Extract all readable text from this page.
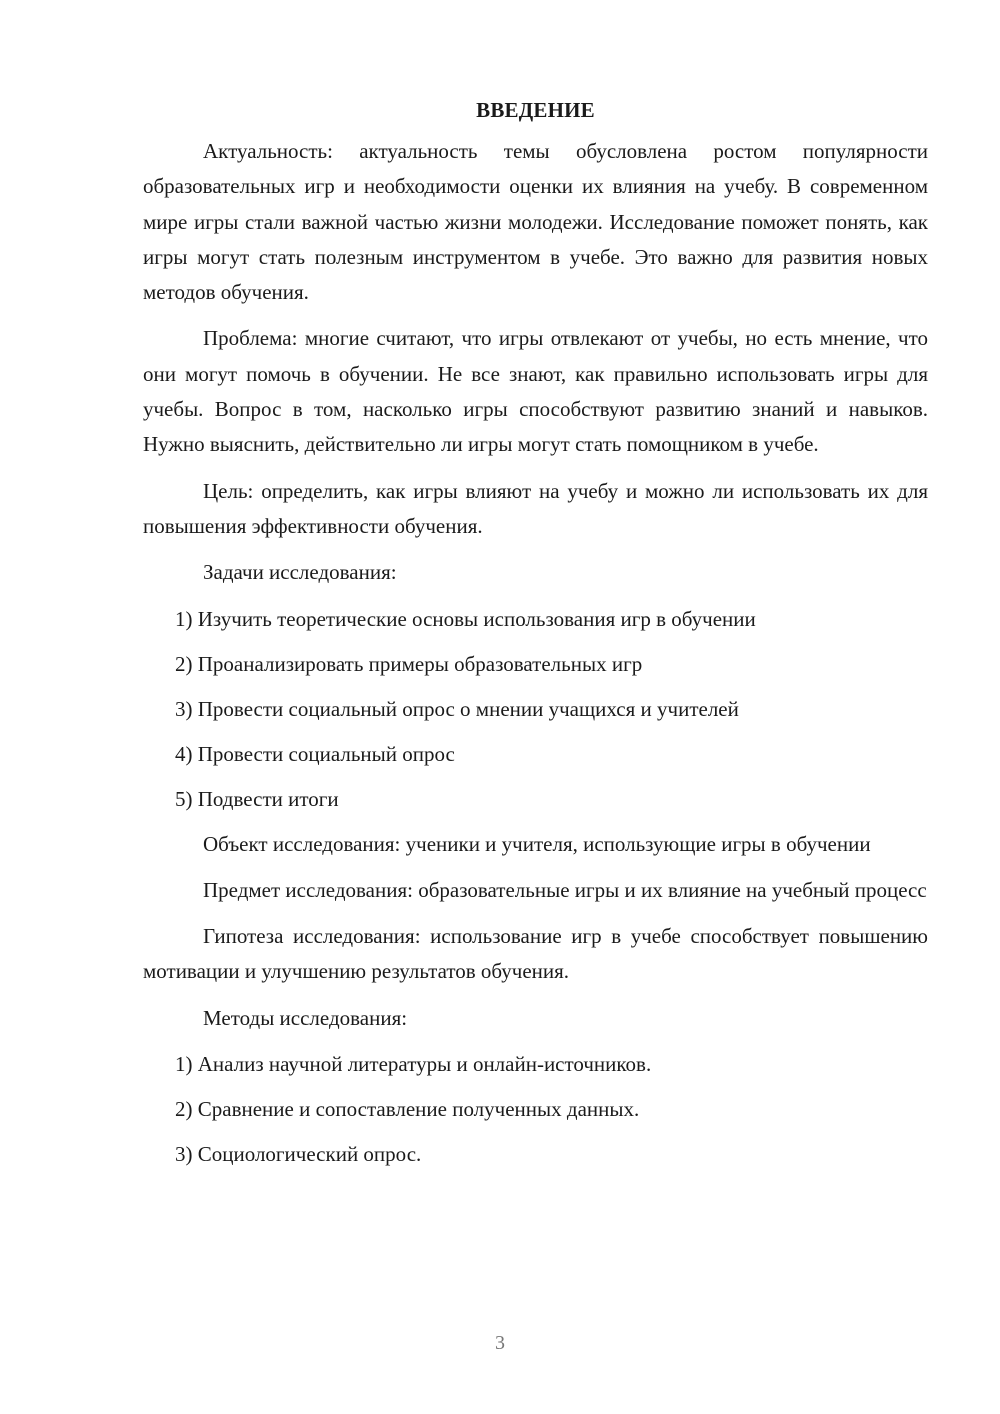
ВВЕДЕНИЕ

Актуальность: актуальность темы обусловлена ростом популярности образовательных игр и необходимости оценки их влияния на учебу. В современном мире игры стали важной частью жизни молодежи. Исследование поможет понять, как игры могут стать полезным инструментом в учебе. Это важно для развития новых методов обучения.

Проблема: многие считают, что игры отвлекают от учебы, но есть мнение, что они могут помочь в обучении. Не все знают, как правильно использовать игры для учебы. Вопрос в том, насколько игры способствуют развитию знаний и навыков. Нужно выяснить, действительно ли игры могут стать помощником в учебе.

Цель: определить, как игры влияют на учебу и можно ли использовать их для повышения эффективности обучения.

Задачи исследования:

1) Изучить теоретические основы использования игр в обучении
2) Проанализировать примеры образовательных игр
3) Провести социальный опрос о мнении учащихся и учителей
4) Провести социальный опрос
5) Подвести итоги

Объект исследования: ученики и учителя, использующие игры в обучении

Предмет исследования: образовательные игры и их влияние на учебный процесс

Гипотеза исследования: использование игр в учебе способствует повышению мотивации и улучшению результатов обучения.

Методы исследования:

1) Анализ научной литературы и онлайн-источников.
2) Сравнение и сопоставление полученных данных.
3) Социологический опрос.
3
